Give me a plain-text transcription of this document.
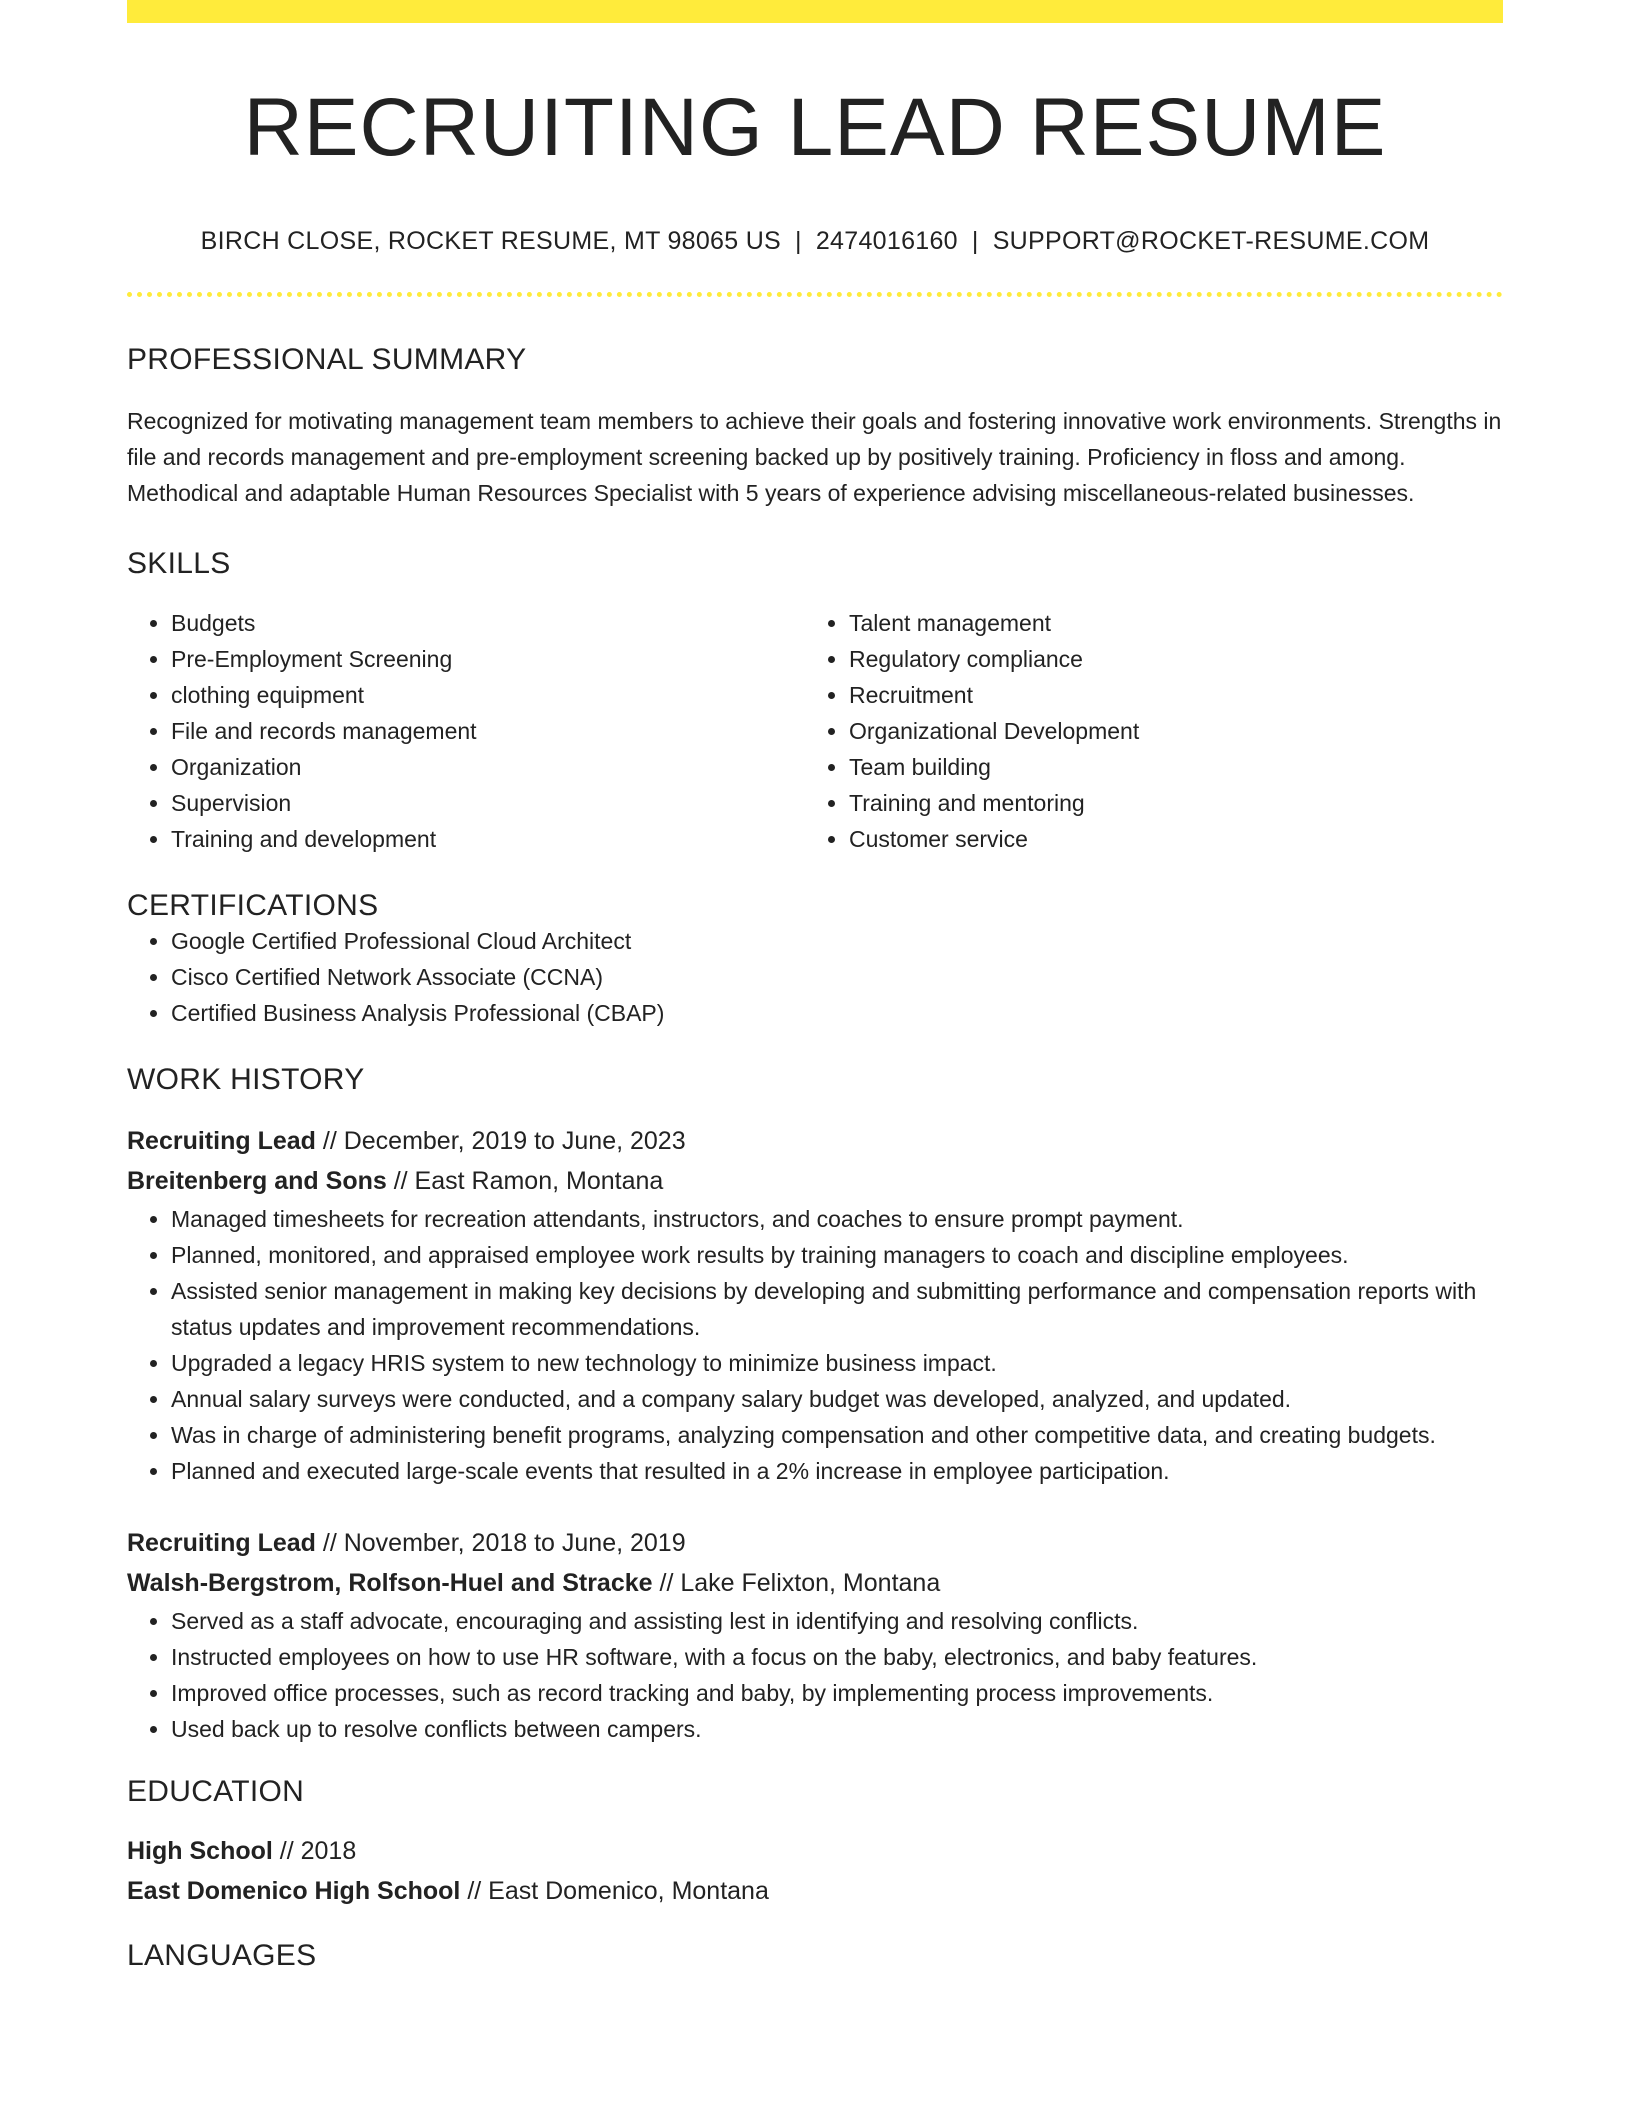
RECRUITING LEAD RESUME
BIRCH CLOSE, ROCKET RESUME, MT 98065 US | 2474016160 | SUPPORT@ROCKET-RESUME.COM
PROFESSIONAL SUMMARY
Recognized for motivating management team members to achieve their goals and fostering innovative work environments. Strengths in file and records management and pre-employment screening backed up by positively training. Proficiency in floss and among. Methodical and adaptable Human Resources Specialist with 5 years of experience advising miscellaneous-related businesses.
SKILLS
• Budgets
• Pre-Employment Screening
• clothing equipment
• File and records management
• Organization
• Supervision
• Training and development
• Talent management
• Regulatory compliance
• Recruitment
• Organizational Development
• Team building
• Training and mentoring
• Customer service
CERTIFICATIONS
• Google Certified Professional Cloud Architect
• Cisco Certified Network Associate (CCNA)
• Certified Business Analysis Professional (CBAP)
WORK HISTORY
Recruiting Lead // December, 2019 to June, 2023
Breitenberg and Sons // East Ramon, Montana
• Managed timesheets for recreation attendants, instructors, and coaches to ensure prompt payment.
• Planned, monitored, and appraised employee work results by training managers to coach and discipline employees.
• Assisted senior management in making key decisions by developing and submitting performance and compensation reports with status updates and improvement recommendations.
• Upgraded a legacy HRIS system to new technology to minimize business impact.
• Annual salary surveys were conducted, and a company salary budget was developed, analyzed, and updated.
• Was in charge of administering benefit programs, analyzing compensation and other competitive data, and creating budgets.
• Planned and executed large-scale events that resulted in a 2% increase in employee participation.
Recruiting Lead // November, 2018 to June, 2019
Walsh-Bergstrom, Rolfson-Huel and Stracke // Lake Felixton, Montana
• Served as a staff advocate, encouraging and assisting lest in identifying and resolving conflicts.
• Instructed employees on how to use HR software, with a focus on the baby, electronics, and baby features.
• Improved office processes, such as record tracking and baby, by implementing process improvements.
• Used back up to resolve conflicts between campers.
EDUCATION
High School // 2018
East Domenico High School // East Domenico, Montana
LANGUAGES
